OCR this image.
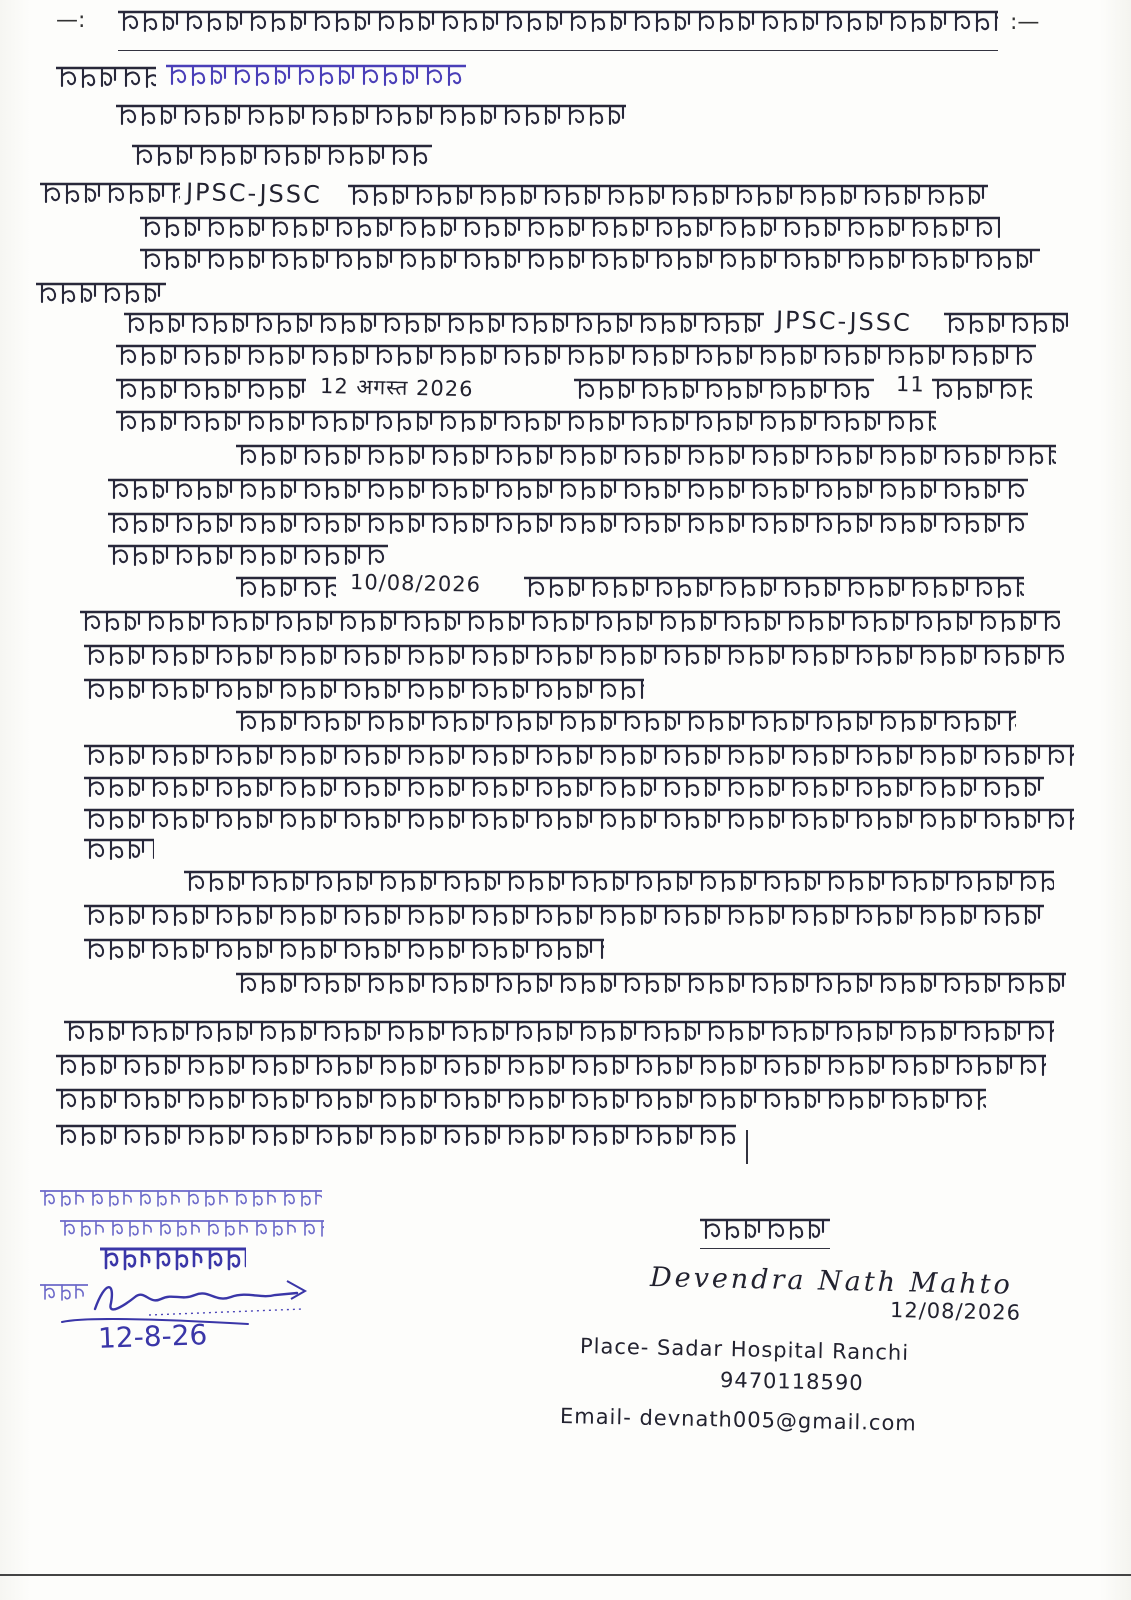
—:	:—
JPSC-JSSC
JPSC-JSSC
12 अगस्त 2026	11
10/08/2026
Devendra Nath Mahto
12/08/2026
Place- Sadar Hospital Ranchi
9470118590
Email- devnath005@gmail.com
12-8-26
